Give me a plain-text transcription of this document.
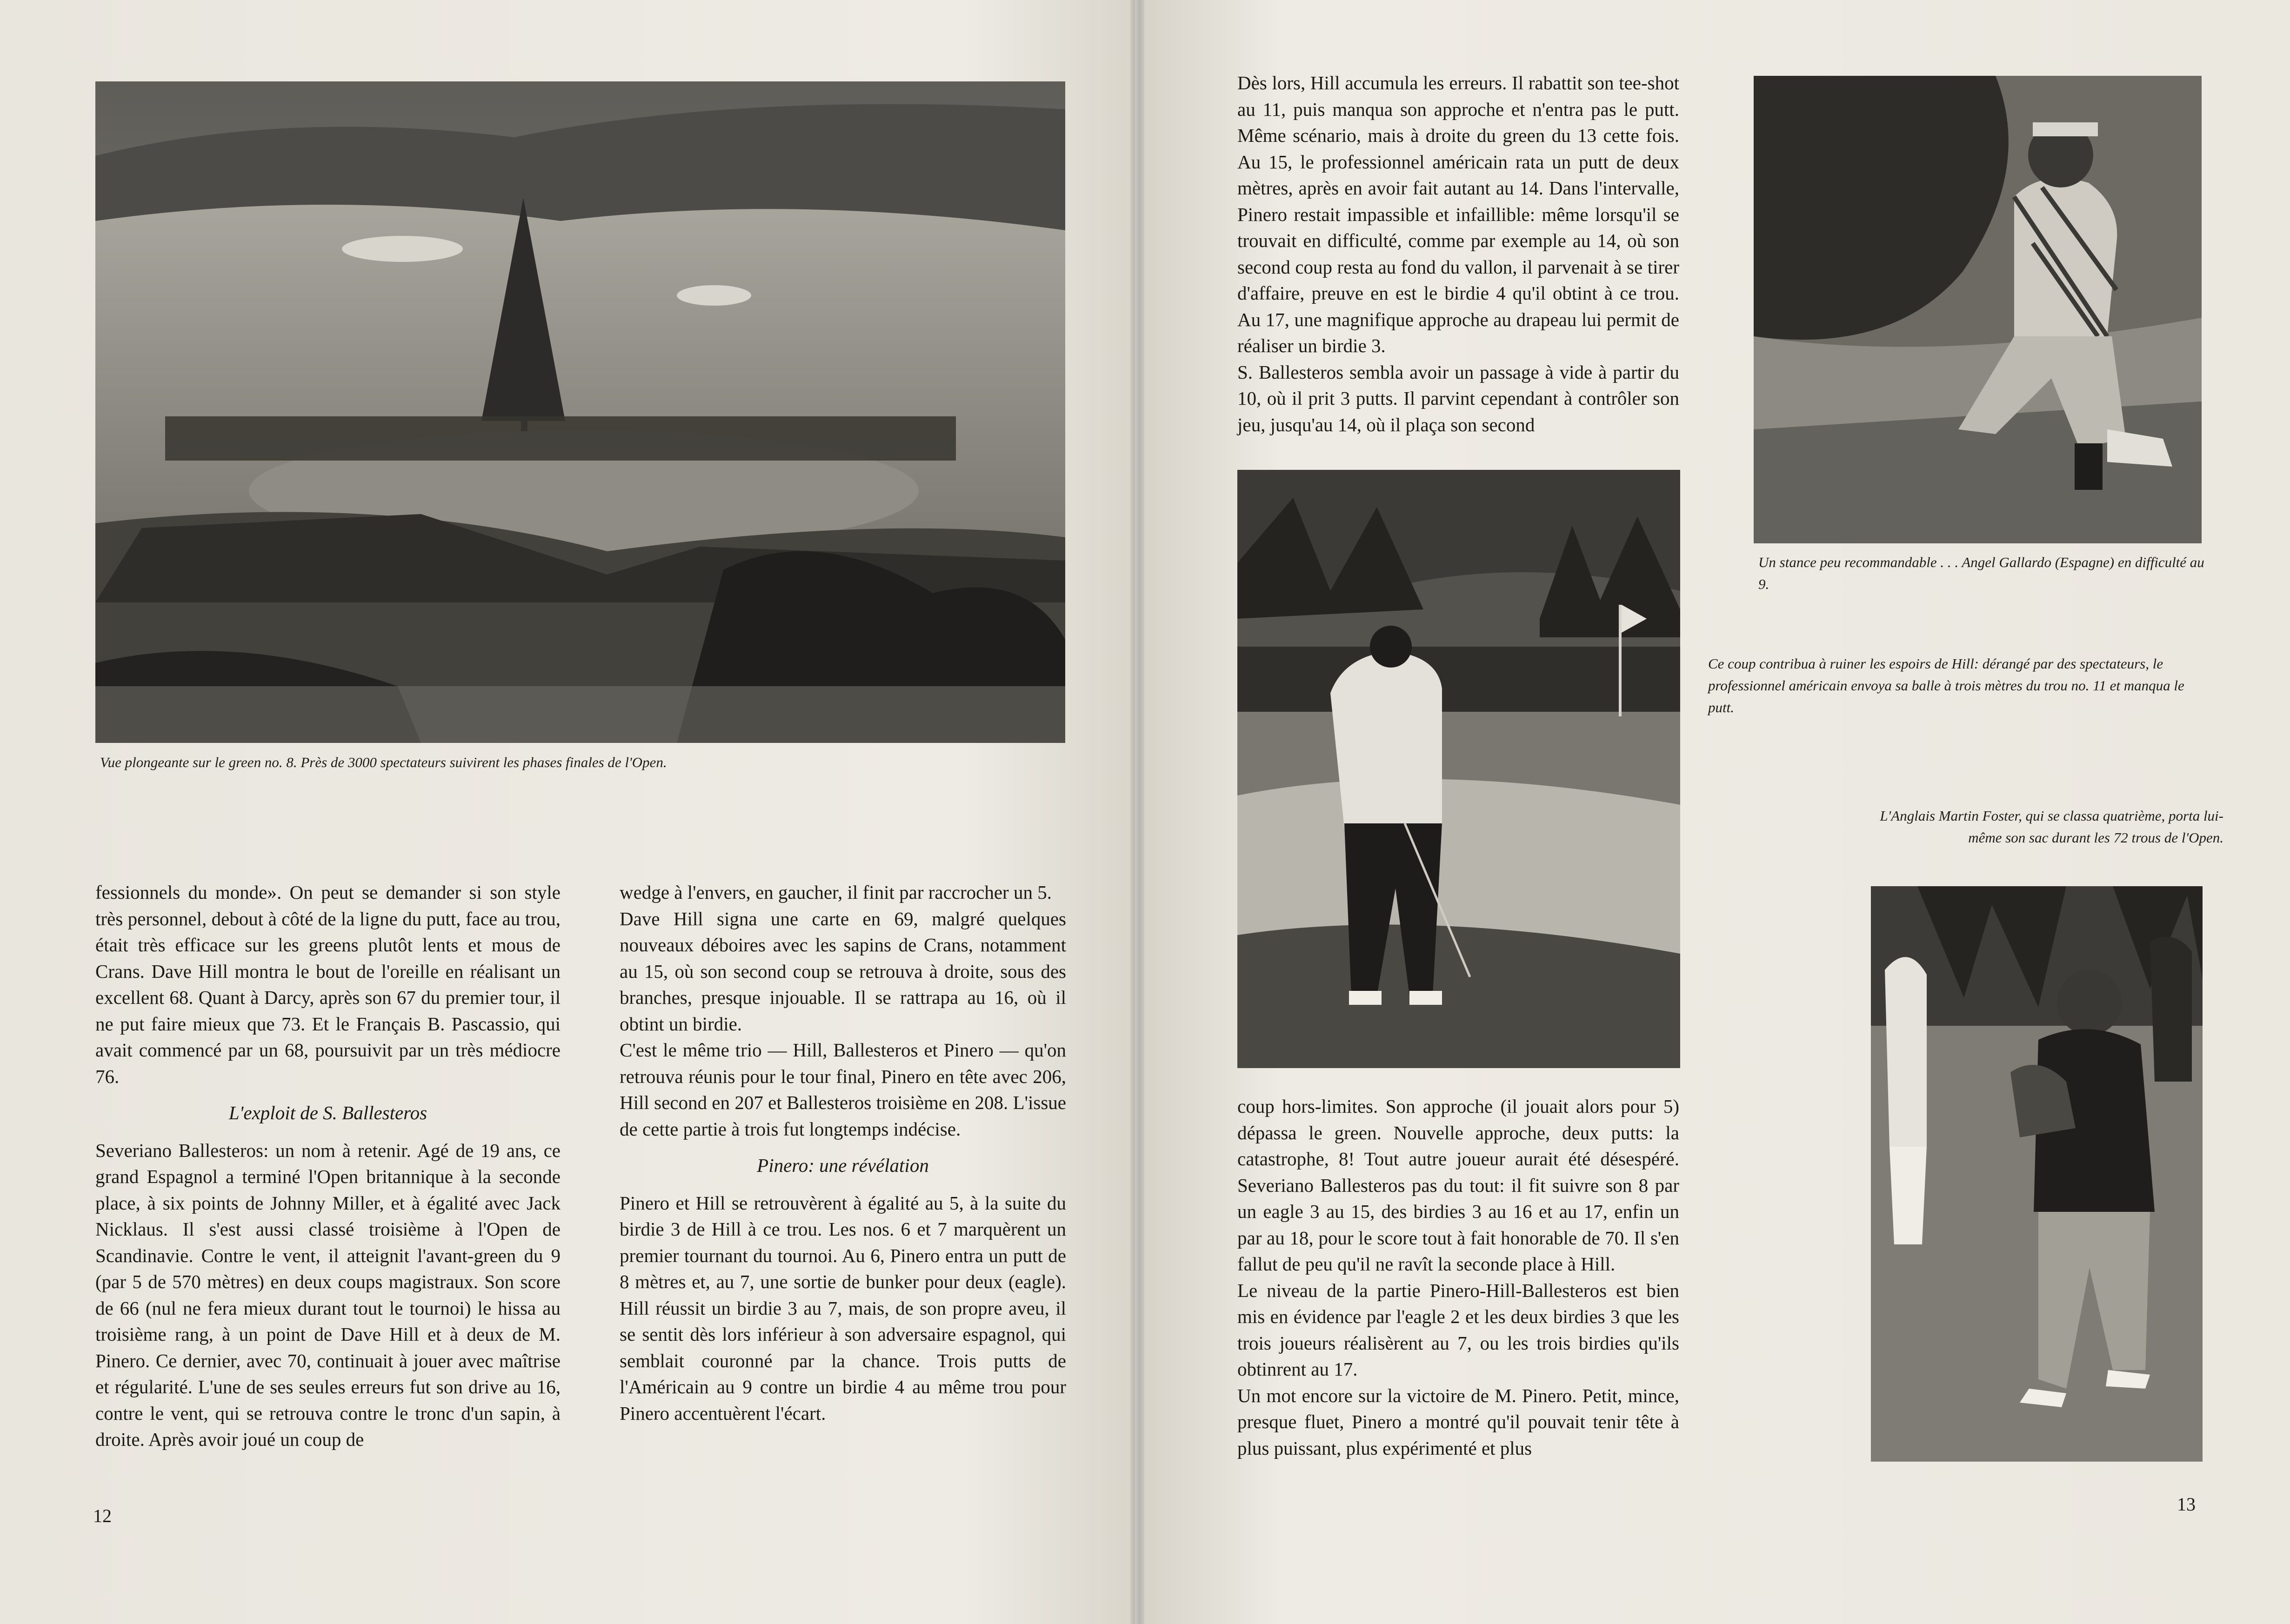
Vue plongeante sur le green no. 8. Près de 3000 spectateurs suivirent les phases finales de l'Open.

fessionnels du monde». On peut se demander si son style très personnel, debout à côté de la ligne du putt, face au trou, était très efficace sur les greens plutôt lents et mous de Crans. Dave Hill montra le bout de l'oreille en réalisant un excellent 68. Quant à Darcy, après son 67 du premier tour, il ne put faire mieux que 73. Et le Français B. Pascassio, qui avait commencé par un 68, poursuivit par un très médiocre 76.

L'exploit de S. Ballesteros

Severiano Ballesteros: un nom à retenir. Agé de 19 ans, ce grand Espagnol a terminé l'Open britannique à la seconde place, à six points de Johnny Miller, et à égalité avec Jack Nicklaus. Il s'est aussi classé troisième à l'Open de Scandinavie. Contre le vent, il atteignit l'avant-green du 9 (par 5 de 570 mètres) en deux coups magistraux. Son score de 66 (nul ne fera mieux durant tout le tournoi) le hissa au troisième rang, à un point de Dave Hill et à deux de M. Pinero. Ce dernier, avec 70, continuait à jouer avec maîtrise et régularité. L'une de ses seules erreurs fut son drive au 16, contre le vent, qui se retrouva contre le tronc d'un sapin, à droite. Après avoir joué un coup de

wedge à l'envers, en gaucher, il finit par raccrocher un 5.

Dave Hill signa une carte en 69, malgré quelques nouveaux déboires avec les sapins de Crans, notamment au 15, où son second coup se retrouva à droite, sous des branches, presque injouable. Il se rattrapa au 16, où il obtint un birdie.

C'est le même trio — Hill, Ballesteros et Pinero — qu'on retrouva réunis pour le tour final, Pinero en tête avec 206, Hill second en 207 et Ballesteros troisième en 208. L'issue de cette partie à trois fut longtemps indécise.

Pinero: une révélation

Pinero et Hill se retrouvèrent à égalité au 5, à la suite du birdie 3 de Hill à ce trou. Les nos. 6 et 7 marquèrent un premier tournant du tournoi. Au 6, Pinero entra un putt de 8 mètres et, au 7, une sortie de bunker pour deux (eagle). Hill réussit un birdie 3 au 7, mais, de son propre aveu, il se sentit dès lors inférieur à son adversaire espagnol, qui semblait couronné par la chance. Trois putts de l'Américain au 9 contre un birdie 4 au même trou pour Pinero accentuèrent l'écart.

12

Dès lors, Hill accumula les erreurs. Il rabattit son tee-shot au 11, puis manqua son approche et n'entra pas le putt. Même scénario, mais à droite du green du 13 cette fois. Au 15, le professionnel américain rata un putt de deux mètres, après en avoir fait autant au 14. Dans l'intervalle, Pinero restait impassible et infaillible: même lorsqu'il se trouvait en difficulté, comme par exemple au 14, où son second coup resta au fond du vallon, il parvenait à se tirer d'affaire, preuve en est le birdie 4 qu'il obtint à ce trou. Au 17, une magnifique approche au drapeau lui permit de réaliser un birdie 3.

S. Ballesteros sembla avoir un passage à vide à partir du 10, où il prit 3 putts. Il parvint cependant à contrôler son jeu, jusqu'au 14, où il plaça son second

coup hors-limites. Son approche (il jouait alors pour 5) dépassa le green. Nouvelle approche, deux putts: la catastrophe, 8! Tout autre joueur aurait été désespéré. Severiano Ballesteros pas du tout: il fit suivre son 8 par un eagle 3 au 15, des birdies 3 au 16 et au 17, enfin un par au 18, pour le score tout à fait honorable de 70. Il s'en fallut de peu qu'il ne ravît la seconde place à Hill.

Le niveau de la partie Pinero-Hill-Ballesteros est bien mis en évidence par l'eagle 2 et les deux birdies 3 que les trois joueurs réalisèrent au 7, ou les trois birdies qu'ils obtinrent au 17.

Un mot encore sur la victoire de M. Pinero. Petit, mince, presque fluet, Pinero a montré qu'il pouvait tenir tête à plus puissant, plus expérimenté et plus

Un stance peu recommandable . . . Angel Gallardo (Espagne) en difficulté au 9.
Ce coup contribua à ruiner les espoirs de Hill: dérangé par des spectateurs, le professionnel américain envoya sa balle à trois mètres du trou no. 11 et manqua le putt.
L'Anglais Martin Foster, qui se classa quatrième, porta lui-même son sac durant les 72 trous de l'Open.
13
